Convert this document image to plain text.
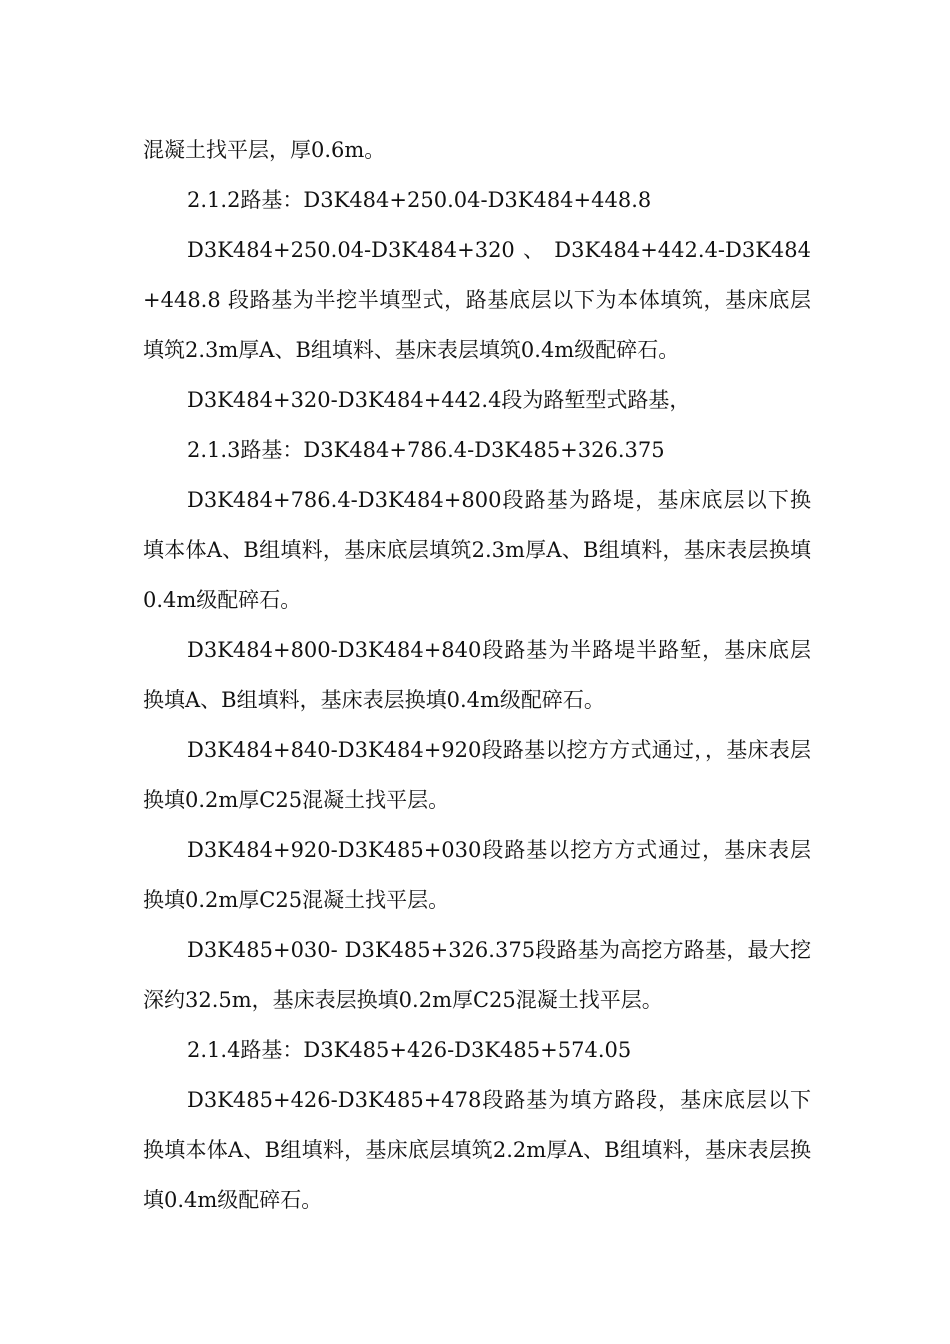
混凝土找平层，厚0.6m。

2.1.2路基：D3K484+250.04-D3K484+448.8

D3K484+250.04-D3K484+320 、 D3K484+442.4-D3K484+448.8 段路基为半挖半填型式，路基底层以下为本体填筑，基床底层填筑2.3m厚A、B组填料、基床表层填筑0.4m级配碎石。

D3K484+320-D3K484+442.4段为路堑型式路基，

2.1.3路基：D3K484+786.4-D3K485+326.375

D3K484+786.4-D3K484+800段路基为路堤，基床底层以下换填本体A、B组填料，基床底层填筑2.3m厚A、B组填料，基床表层换填0.4m级配碎石。

D3K484+800-D3K484+840段路基为半路堤半路堑，基床底层换填A、B组填料，基床表层换填0.4m级配碎石。

D3K484+840-D3K484+920段路基以挖方方式通过，，基床表层换填0.2m厚C25混凝土找平层。

D3K484+920-D3K485+030段路基以挖方方式通过，基床表层换填0.2m厚C25混凝土找平层。

D3K485+030- D3K485+326.375段路基为高挖方路基，最大挖深约32.5m，基床表层换填0.2m厚C25混凝土找平层。

2.1.4路基：D3K485+426-D3K485+574.05

D3K485+426-D3K485+478段路基为填方路段，基床底层以下换填本体A、B组填料，基床底层填筑2.2m厚A、B组填料，基床表层换填0.4m级配碎石。
